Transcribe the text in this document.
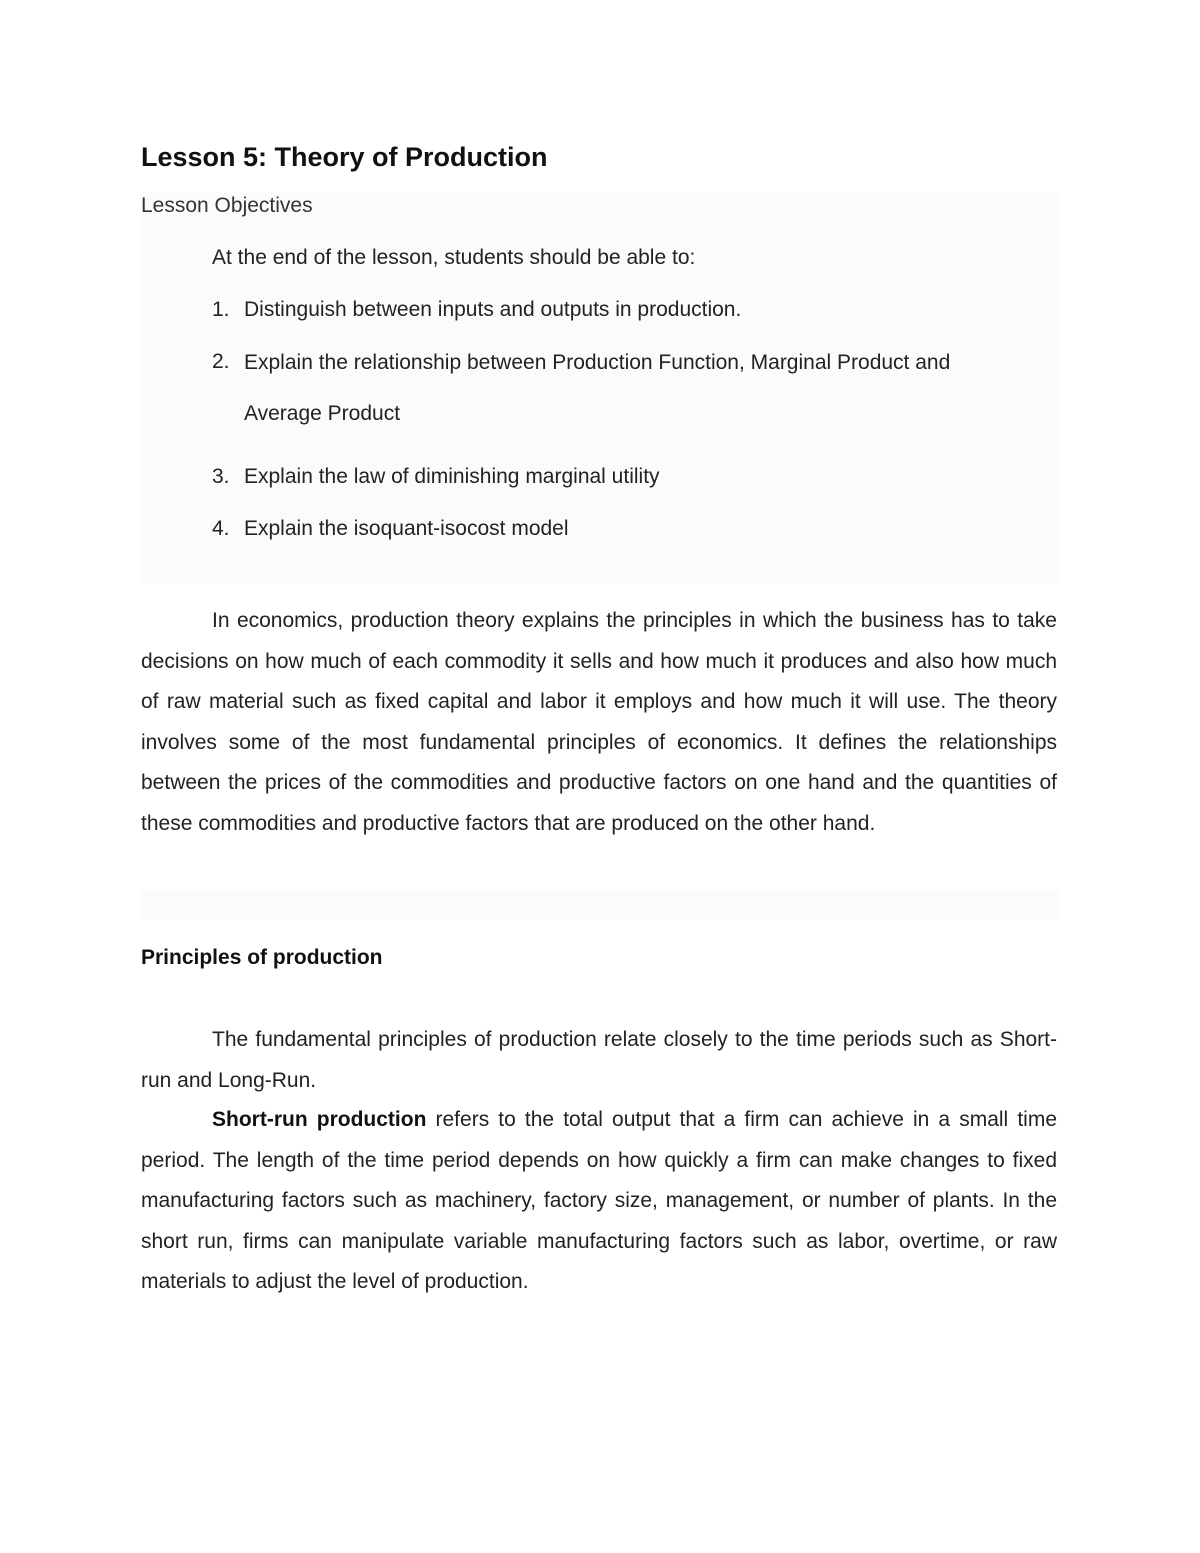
Lesson 5: Theory of Production

Lesson Objectives

At the end of the lesson, students should be able to:

1. Distinguish between inputs and outputs in production.
2. Explain the relationship between Production Function, Marginal Product and Average Product
3. Explain the law of diminishing marginal utility
4. Explain the isoquant-isocost model

In economics, production theory explains the principles in which the business has to take decisions on how much of each commodity it sells and how much it produces and also how much of raw material such as fixed capital and labor it employs and how much it will use. The theory involves some of the most fundamental principles of economics. It defines the relationships between the prices of the commodities and productive factors on one hand and the quantities of these commodities and productive factors that are produced on the other hand.

Principles of production

The fundamental principles of production relate closely to the time periods such as Short-run and Long-Run.

Short-run production refers to the total output that a firm can achieve in a small time period. The length of the time period depends on how quickly a firm can make changes to fixed manufacturing factors such as machinery, factory size, management, or number of plants. In the short run, firms can manipulate variable manufacturing factors such as labor, overtime, or raw materials to adjust the level of production.
